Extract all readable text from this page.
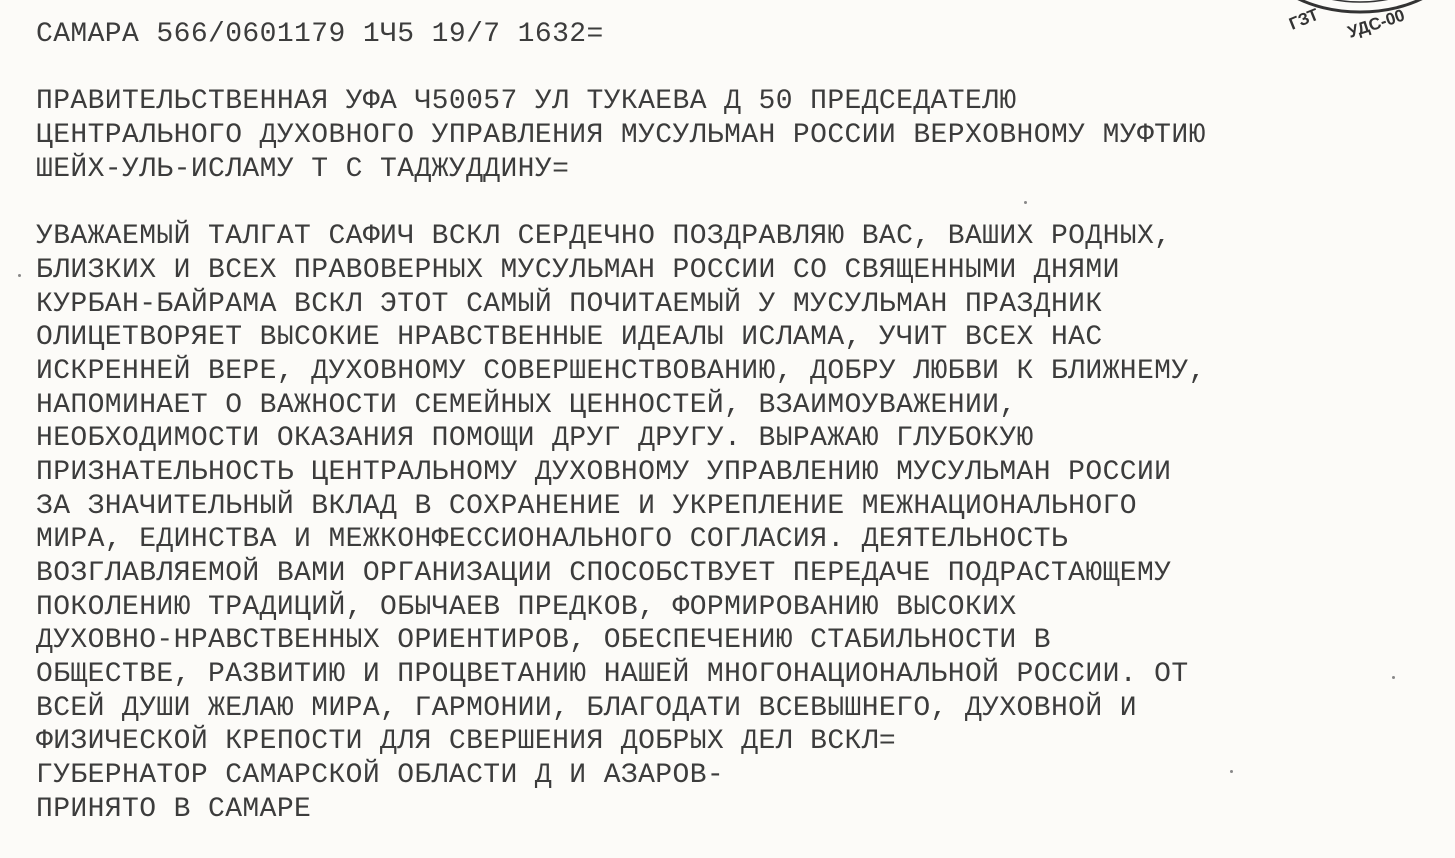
ГЗТ УДС-00
САМАРА 566/0601179 1Ч5 19/7 1632=
ПРАВИТЕЛЬСТВЕННАЯ УФА Ч50057 УЛ ТУКАЕВА Д 50 ПРЕДСЕДАТЕЛЮ
ЦЕНТРАЛЬНОГО ДУХОВНОГО УПРАВЛЕНИЯ МУСУЛЬМАН РОССИИ ВЕРХОВНОМУ МУФТИЮ
ШЕЙХ-УЛЬ-ИСЛАМУ Т С ТАДЖУДДИНУ=
УВАЖАЕМЫЙ ТАЛГАТ САФИЧ ВСКЛ СЕРДЕЧНО ПОЗДРАВЛЯЮ ВАС, ВАШИХ РОДНЫХ,
БЛИЗКИХ И ВСЕХ ПРАВОВЕРНЫХ МУСУЛЬМАН РОССИИ СО СВЯЩЕННЫМИ ДНЯМИ
КУРБАН-БАЙРАМА ВСКЛ ЭТОТ САМЫЙ ПОЧИТАЕМЫЙ У МУСУЛЬМАН ПРАЗДНИК
ОЛИЦЕТВОРЯЕТ ВЫСОКИЕ НРАВСТВЕННЫЕ ИДЕАЛЫ ИСЛАМА, УЧИТ ВСЕХ НАС
ИСКРЕННЕЙ ВЕРЕ, ДУХОВНОМУ СОВЕРШЕНСТВОВАНИЮ, ДОБРУ ЛЮБВИ К БЛИЖНЕМУ,
НАПОМИНАЕТ О ВАЖНОСТИ СЕМЕЙНЫХ ЦЕННОСТЕЙ, ВЗАИМОУВАЖЕНИИ,
НЕОБХОДИМОСТИ ОКАЗАНИЯ ПОМОЩИ ДРУГ ДРУГУ. ВЫРАЖАЮ ГЛУБОКУЮ
ПРИЗНАТЕЛЬНОСТЬ ЦЕНТРАЛЬНОМУ ДУХОВНОМУ УПРАВЛЕНИЮ МУСУЛЬМАН РОССИИ
ЗА ЗНАЧИТЕЛЬНЫЙ ВКЛАД В СОХРАНЕНИЕ И УКРЕПЛЕНИЕ МЕЖНАЦИОНАЛЬНОГО
МИРА, ЕДИНСТВА И МЕЖКОНФЕССИОНАЛЬНОГО СОГЛАСИЯ. ДЕЯТЕЛЬНОСТЬ
ВОЗГЛАВЛЯЕМОЙ ВАМИ ОРГАНИЗАЦИИ СПОСОБСТВУЕТ ПЕРЕДАЧЕ ПОДРАСТАЮЩЕМУ
ПОКОЛЕНИЮ ТРАДИЦИЙ, ОБЫЧАЕВ ПРЕДКОВ, ФОРМИРОВАНИЮ ВЫСОКИХ
ДУХОВНО-НРАВСТВЕННЫХ ОРИЕНТИРОВ, ОБЕСПЕЧЕНИЮ СТАБИЛЬНОСТИ В
ОБЩЕСТВЕ, РАЗВИТИЮ И ПРОЦВЕТАНИЮ НАШЕЙ МНОГОНАЦИОНАЛЬНОЙ РОССИИ. ОТ
ВСЕЙ ДУШИ ЖЕЛАЮ МИРА, ГАРМОНИИ, БЛАГОДАТИ ВСЕВЫШНЕГО, ДУХОВНОЙ И
ФИЗИЧЕСКОЙ КРЕПОСТИ ДЛЯ СВЕРШЕНИЯ ДОБРЫХ ДЕЛ ВСКЛ=
ГУБЕРНАТОР САМАРСКОЙ ОБЛАСТИ Д И АЗАРОВ-
ПРИНЯТО В САМАРЕ
